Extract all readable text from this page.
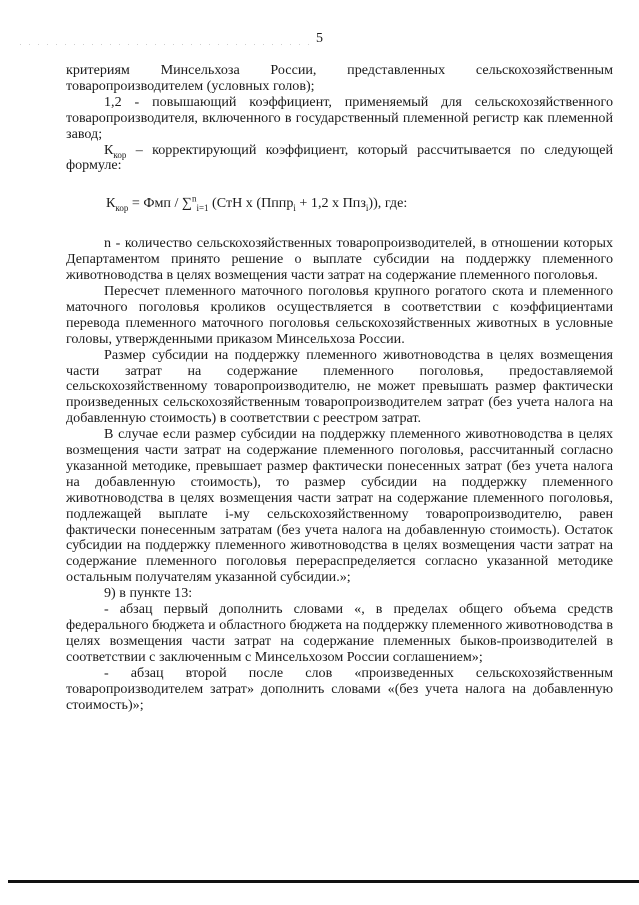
5

критериям Минсельхоза России, представленных сельскохозяйственным товаропроизводителем (условных голов);

1,2 - повышающий коэффициент, применяемый для сельскохозяйственного товаропроизводителя, включенного в государственный племенной регистр как племенной завод;

$К_{кор}$ – корректирующий коэффициент, который рассчитывается по следующей формуле:

$К_{кор}$ = Фмп / ∑$^n_{i=1}$ (СтН х (Пппр$_i$ + 1,2 х Ппз$_i$)), где:

n - количество сельскохозяйственных товаропроизводителей, в отношении которых Департаментом принято решение о выплате субсидии на поддержку племенного животноводства в целях возмещения части затрат на содержание племенного поголовья.

Пересчет племенного маточного поголовья крупного рогатого скота и племенного маточного поголовья кроликов осуществляется в соответствии с коэффициентами перевода племенного маточного поголовья сельскохозяйственных животных в условные головы, утвержденными приказом Минсельхоза России.

Размер субсидии на поддержку племенного животноводства в целях возмещения части затрат на содержание племенного поголовья, предоставляемой сельскохозяйственному товаропроизводителю, не может превышать размер фактически произведенных сельскохозяйственным товаропроизводителем затрат (без учета налога на добавленную стоимость) в соответствии с реестром затрат.

В случае если размер субсидии на поддержку племенного животноводства в целях возмещения части затрат на содержание племенного поголовья, рассчитанный согласно указанной методике, превышает размер фактически понесенных затрат (без учета налога на добавленную стоимость), то размер субсидии на поддержку племенного животноводства в целях возмещения части затрат на содержание племенного поголовья, подлежащей выплате i-му сельскохозяйственному товаропроизводителю, равен фактически понесенным затратам (без учета налога на добавленную стоимость). Остаток субсидии на поддержку племенного животноводства в целях возмещения части затрат на содержание племенного поголовья перераспределяется согласно указанной методике остальным получателям указанной субсидии.»;

9) в пункте 13:

- абзац первый дополнить словами «, в пределах общего объема средств федерального бюджета и областного бюджета на поддержку племенного животноводства в целях возмещения части затрат на содержание племенных быков-производителей в соответствии с заключенным с Минсельхозом России соглашением»;

- абзац второй после слов «произведенных сельскохозяйственным товаропроизводителем затрат» дополнить словами «(без учета налога на добавленную стоимость)»;
